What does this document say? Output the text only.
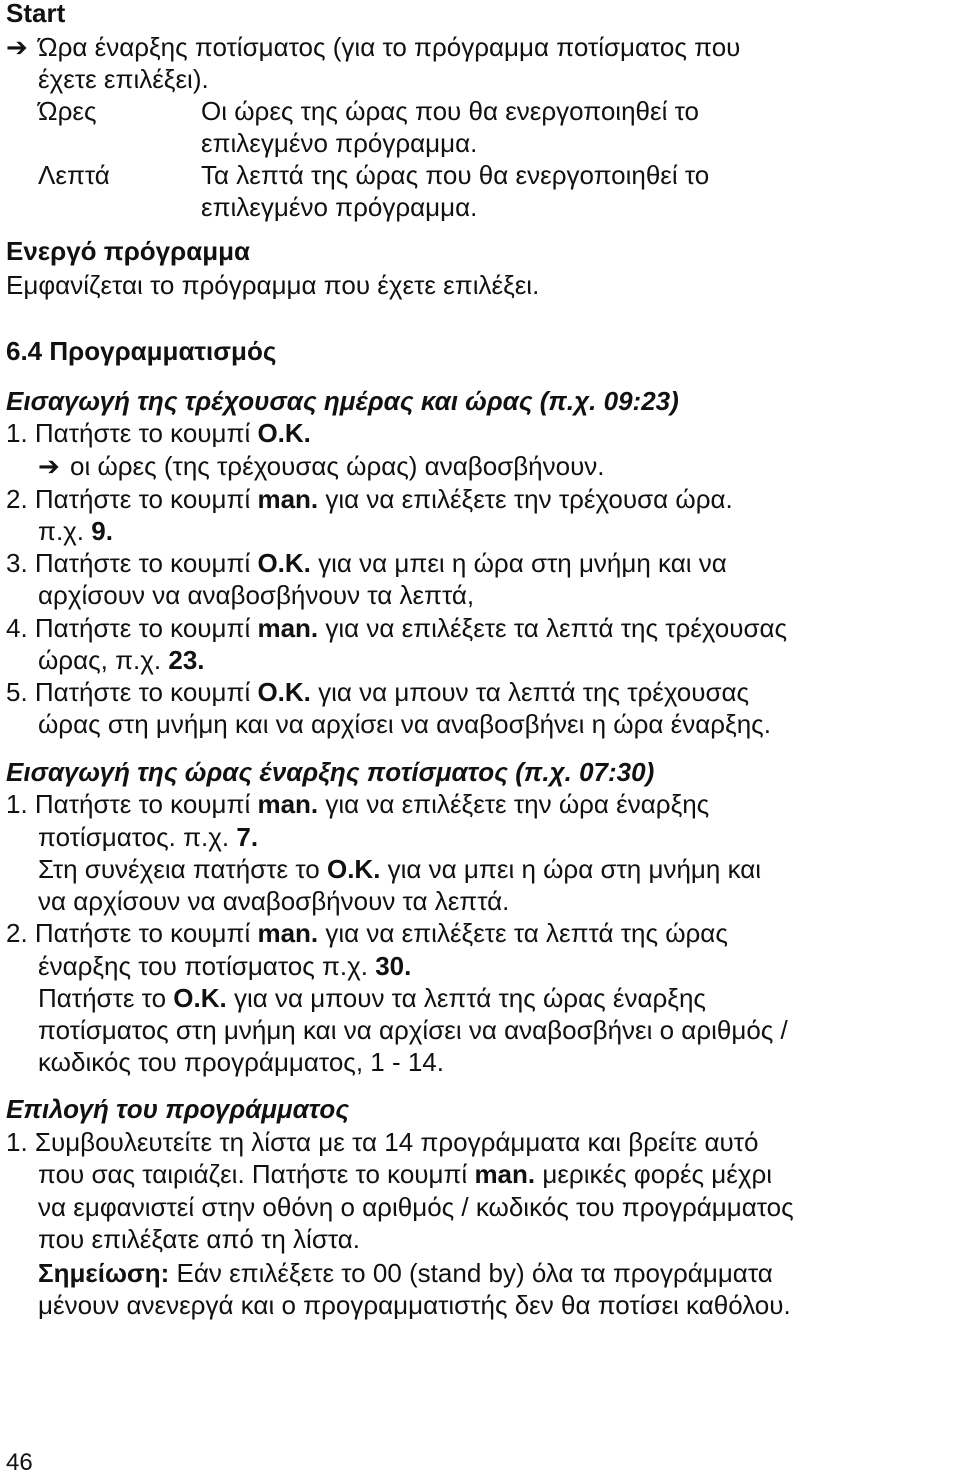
Start
➔ Ώρα έναρξης ποτίσματος (για το πρόγραμμα ποτίσματος που
έχετε επιλέξει).
Ώρες	Οι ώρες της ώρας που θα ενεργοποιηθεί το
επιλεγμένο πρόγραμμα.
Λεπτά	Τα λεπτά της ώρας που θα ενεργοποιηθεί το
επιλεγμένο πρόγραμμα.
Ενεργό πρόγραμμα
Εμφανίζεται το πρόγραμμα που έχετε επιλέξει.
6.4 Προγραμματισμός
Εισαγωγή της τρέχουσας ημέρας και ώρας (π.χ. 09:23)
1. Πατήστε το κουμπί O.K.
➔ οι ώρες (της τρέχουσας ώρας) αναβοσβήνουν.
2. Πατήστε το κουμπί man. για να επιλέξετε την τρέχουσα ώρα.
π.χ. 9.
3. Πατήστε το κουμπί O.K. για να μπει η ώρα στη μνήμη και να
αρχίσουν να αναβοσβήνουν τα λεπτά,
4. Πατήστε το κουμπί man. για να επιλέξετε τα λεπτά της τρέχουσας
ώρας, π.χ. 23.
5. Πατήστε το κουμπί O.K. για να μπουν τα λεπτά της τρέχουσας
ώρας στη μνήμη και να αρχίσει να αναβοσβήνει η ώρα έναρξης.
Εισαγωγή της ώρας έναρξης ποτίσματος (π.χ. 07:30)
1. Πατήστε το κουμπί man. για να επιλέξετε την ώρα έναρξης
ποτίσματος. π.χ. 7.
Στη συνέχεια πατήστε το O.K. για να μπει η ώρα στη μνήμη και
να αρχίσουν να αναβοσβήνουν τα λεπτά.
2. Πατήστε το κουμπί man. για να επιλέξετε τα λεπτά της ώρας
έναρξης του ποτίσματος π.χ. 30.
Πατήστε το O.K. για να μπουν τα λεπτά της ώρας έναρξης
ποτίσματος στη μνήμη και να αρχίσει να αναβοσβήνει ο αριθμός /
κωδικός του προγράμματος, 1 - 14.
Επιλογή του προγράμματος
1. Συμβουλευτείτε τη λίστα με τα 14 προγράμματα και βρείτε αυτό
που σας ταιριάζει. Πατήστε το κουμπί man. μερικές φορές μέχρι
να εμφανιστεί στην οθόνη ο αριθμός / κωδικός του προγράμματος
που επιλέξατε από τη λίστα.
Σημείωση: Εάν επιλέξετε το 00 (stand by) όλα τα προγράμματα
μένουν ανενεργά και ο προγραμματιστής δεν θα ποτίσει καθόλου.
46
